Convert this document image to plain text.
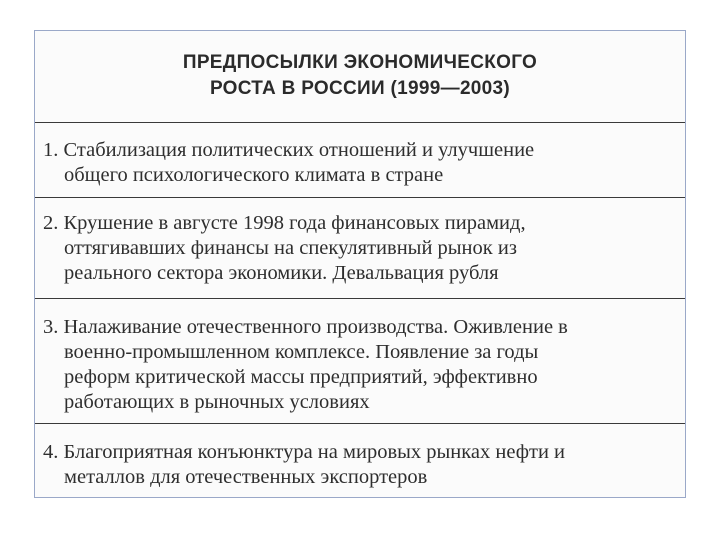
ПРЕДПОСЫЛКИ ЭКОНОМИЧЕСКОГО
РОСТА В РОССИИ (1999—2003)
1. Стабилизация политических отношений и улучшение
общего психологического климата в стране
2. Крушение в августе 1998 года финансовых пирамид,
оттягивавших финансы на спекулятивный рынок из
реального сектора экономики. Девальвация рубля
3. Налаживание отечественного производства. Оживление в
военно-промышленном комплексе. Появление за годы
реформ критической массы предприятий, эффективно
работающих в рыночных условиях
4. Благоприятная конъюнктура на мировых рынках нефти и
металлов для отечественных экспортеров
